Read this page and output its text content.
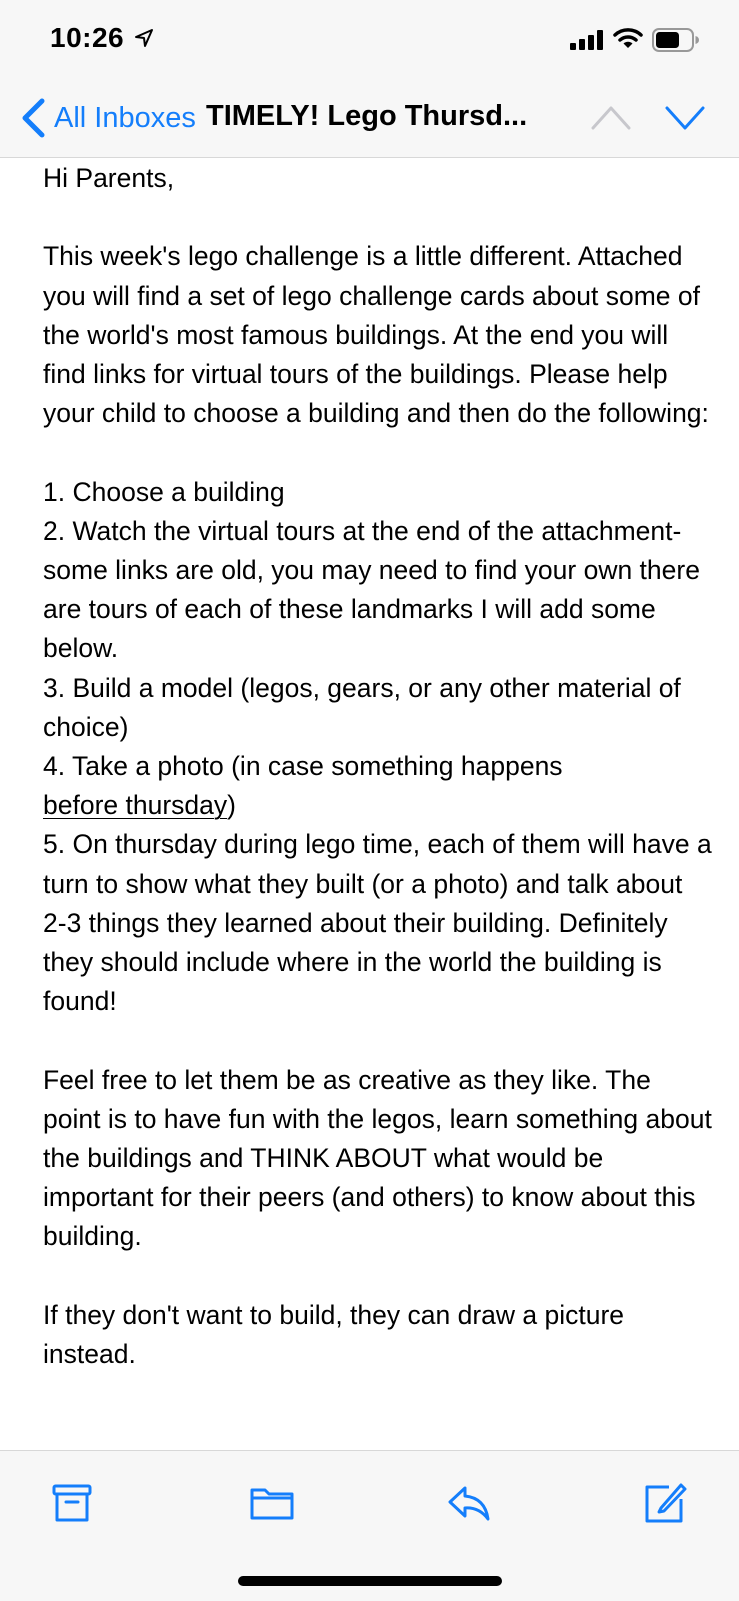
10:26
All Inboxes TIMELY! Lego Thursd...

Hi Parents,

This week's lego challenge is a little different. Attached you will find a set of lego challenge cards about some of the world's most famous buildings. At the end you will find links for virtual tours of the buildings. Please help your child to choose a building and then do the following:

1. Choose a building

2. Watch the virtual tours at the end of the attachment- some links are old, you may need to find your own there are tours of each of these landmarks I will add some below.

3. Build a model (legos, gears, or any other material of choice)

4. Take a photo (in case something happens
before thursday)

5. On thursday during lego time, each of them will have a turn to show what they built (or a photo) and talk about 2-3 things they learned about their building. Definitely they should include where in the world the building is found!

Feel free to let them be as creative as they like. The point is to have fun with the legos, learn something about the buildings and THINK ABOUT what would be important for their peers (and others) to know about this building.

If they don't want to build, they can draw a picture instead.
